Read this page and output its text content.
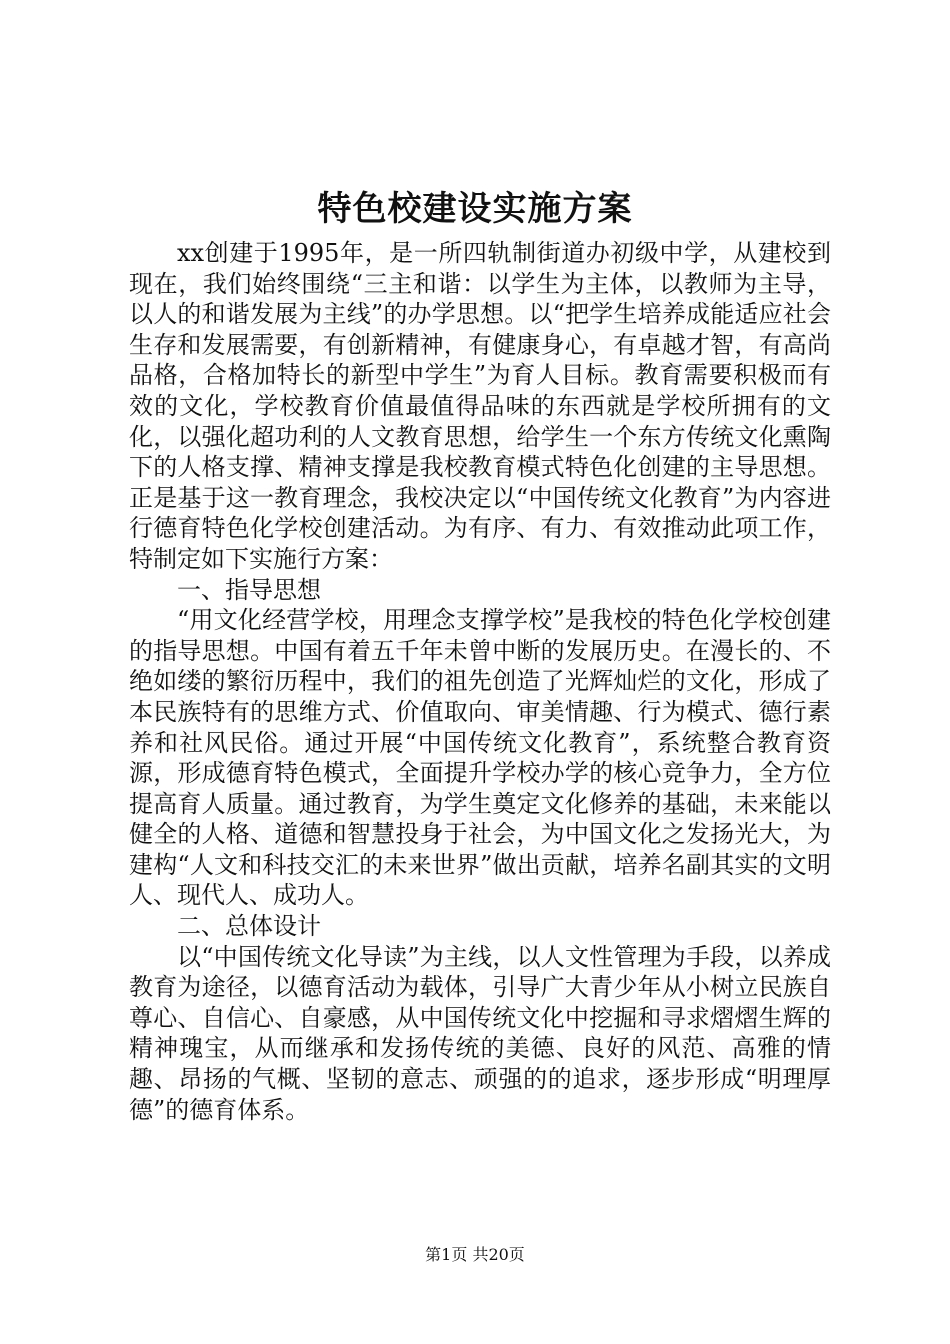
特色校建设实施方案

xx创建于1995年，是一所四轨制街道办初级中学，从建校到现在，我们始终围绕“三主和谐：以学生为主体，以教师为主导，以人的和谐发展为主线”的办学思想。以“把学生培养成能适应社会生存和发展需要，有创新精神，有健康身心，有卓越才智，有高尚品格，合格加特长的新型中学生”为育人目标。教育需要积极而有效的文化，学校教育价值最值得品味的东西就是学校所拥有的文化，以强化超功利的人文教育思想，给学生一个东方传统文化熏陶下的人格支撑、精神支撑是我校教育模式特色化创建的主导思想。正是基于这一教育理念，我校决定以“中国传统文化教育”为内容进行德育特色化学校创建活动。为有序、有力、有效推动此项工作，特制定如下实施行方案：

一、指导思想

“用文化经营学校，用理念支撑学校”是我校的特色化学校创建的指导思想。中国有着五千年未曾中断的发展历史。在漫长的、不绝如缕的繁衍历程中，我们的祖先创造了光辉灿烂的文化，形成了本民族特有的思维方式、价值取向、审美情趣、行为模式、德行素养和社风民俗。通过开展“中国传统文化教育”，系统整合教育资源，形成德育特色模式，全面提升学校办学的核心竞争力，全方位提高育人质量。通过教育，为学生奠定文化修养的基础，未来能以健全的人格、道德和智慧投身于社会，为中国文化之发扬光大，为建构“人文和科技交汇的未来世界”做出贡献，培养名副其实的文明人、现代人、成功人。

二、总体设计

以“中国传统文化导读”为主线，以人文性管理为手段，以养成教育为途径，以德育活动为载体，引导广大青少年从小树立民族自尊心、自信心、自豪感，从中国传统文化中挖掘和寻求熠熠生辉的精神瑰宝，从而继承和发扬传统的美德、良好的风范、高雅的情趣、昂扬的气概、坚韧的意志、顽强的的追求，逐步形成“明理厚德”的德育体系。

第1页 共20页
